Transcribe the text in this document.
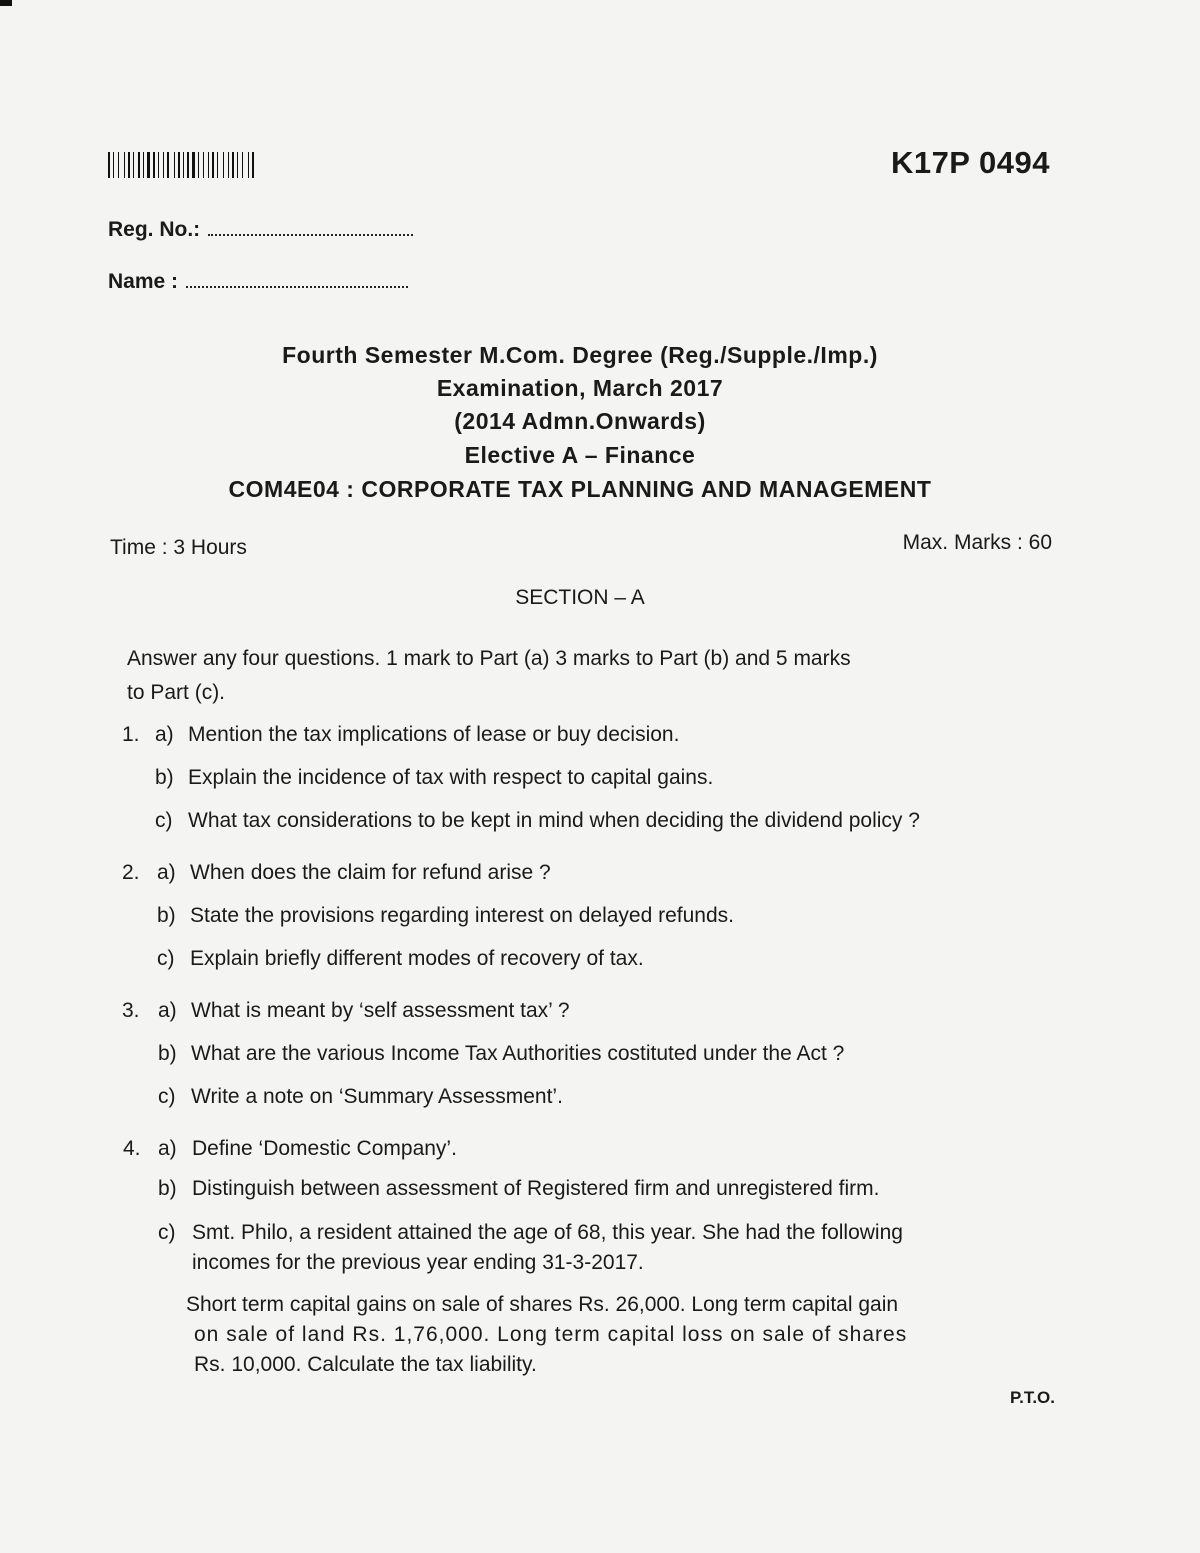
K17P 0494
Reg. No.:
Name :
Fourth Semester M.Com. Degree (Reg./Supple./Imp.)
Examination, March 2017
(2014 Admn.Onwards)
Elective A – Finance
COM4E04 : CORPORATE TAX PLANNING AND MANAGEMENT
Time : 3 Hours	Max. Marks : 60
SECTION – A
Answer any four questions. 1 mark to Part (a) 3 marks to Part (b) and 5 marks
to Part (c).
1. a) Mention the tax implications of lease or buy decision.
b) Explain the incidence of tax with respect to capital gains.
c) What tax considerations to be kept in mind when deciding the dividend policy ?
2. a) When does the claim for refund arise ?
b) State the provisions regarding interest on delayed refunds.
c) Explain briefly different modes of recovery of tax.
3. a) What is meant by ‘self assessment tax’ ?
b) What are the various Income Tax Authorities costituted under the Act ?
c) Write a note on ‘Summary Assessment’.
4. a) Define ‘Domestic Company’.
b) Distinguish between assessment of Registered firm and unregistered firm.
c) Smt. Philo, a resident attained the age of 68, this year. She had the following
incomes for the previous year ending 31-3-2017.
Short term capital gains on sale of shares Rs. 26,000. Long term capital gain
on sale of land Rs. 1,76,000. Long term capital loss on sale of shares
Rs. 10,000. Calculate the tax liability.
P.T.O.
